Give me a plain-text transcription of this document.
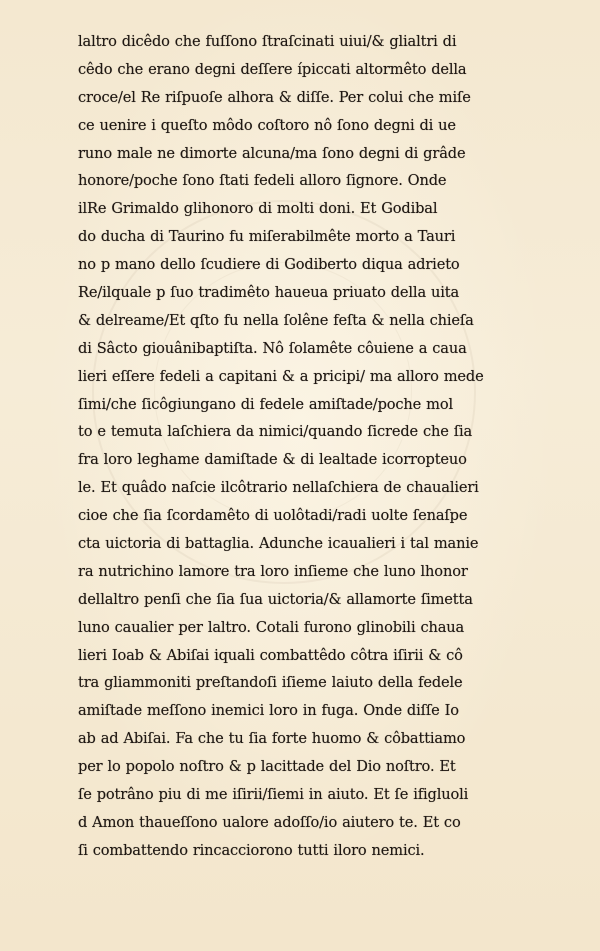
laltro dicêdo che fuſſono ſtraſcinati uiui/& glialtri di
cêdo che erano degni deſſere ípiccati altormêto della
croce/el Re riſpuoſe alhora & diſſe. Per colui che miſe
ce uenire i queſto môdo coſtoro nô ſono degni di ue
runo male ne dimorte alcuna/ma ſono degni di grâde
honore/poche ſono ſtati fedeli alloro ſignore. Onde
ilRe Grimaldo glihonoro di molti doni. Et Godibal
do ducha di Taurino fu miſerabilmête morto a Tauri
no p mano dello ſcudiere di Godiberto diqua adrieto
Re/ilquale p ſuo tradimêto haueua priuato della uita
& delreame/Et qſto fu nella ſolêne feſta & nella chieſa
di Sâcto giouânibaptiſta. Nô ſolamête côuiene a caua
lieri eſſere fedeli a capitani & a pricipi/ ma alloro mede
ſimi/che ſicôgiungano di fedele amiſtade/poche mol
to e temuta laſchiera da nimici/quando ſicrede che ſia
fra loro leghame damiſtade & di lealtade icorropteuo
le. Et quâdo naſcie ilcôtrario nellaſchiera de chaualieri
cioe che ſia ſcordamêto di uolôtadi/radi uolte ſenaſpe
cta uictoria di battaglia. Adunche icaualieri i tal manie
ra nutrichino lamore tra loro inſieme che luno lhonor
dellaltro penſi che ſia ſua uictoria/& allamorte ſimetta
luno caualier per laltro. Cotali furono glinobili chaua
lieri Ioab & Abiſai iquali combattêdo côtra iſirii & cô
tra gliammoniti preſtandoſi iſieme laiuto della fedele
amiſtade meſſono inemici loro in fuga. Onde diſſe Io
ab ad Abiſai. Fa che tu ſia forte huomo & côbattiamo
per lo popolo noſtro & p lacittade del Dio noſtro. Et
ſe potrâno piu di me iſirii/ſiemi in aiuto. Et ſe ifigluoli
d Amon thaueſſono ualore adoſſo/io aiutero te. Et co
ſi combattendo rincacciorono tutti iloro nemici.
